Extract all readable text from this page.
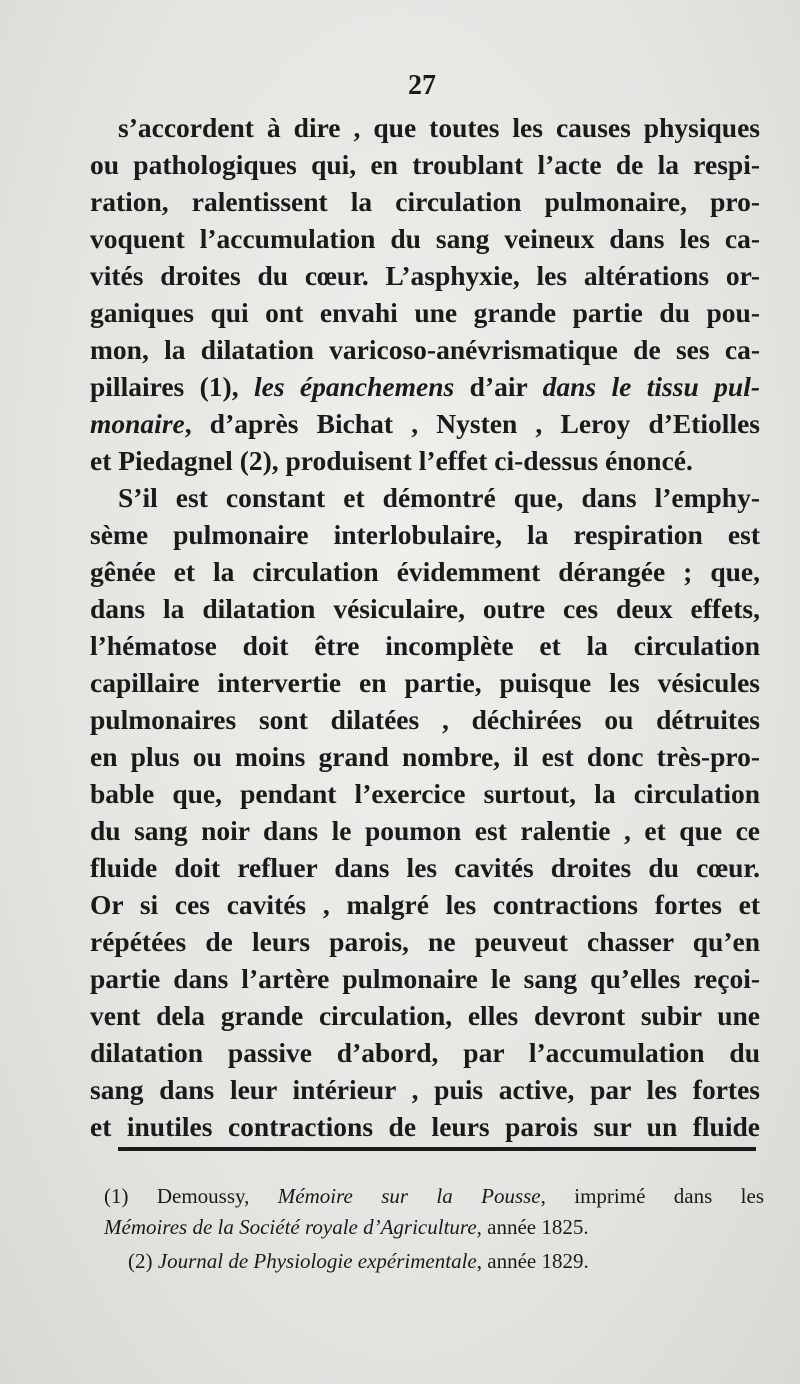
27
s’accordent à dire , que toutes les causes physiques
ou pathologiques qui, en troublant l’acte de la respi-
ration, ralentissent la circulation pulmonaire, pro-
voquent l’accumulation du sang veineux dans les ca-
vités droites du cœur. L’asphyxie, les altérations or-
ganiques qui ont envahi une grande partie du pou-
mon, la dilatation varicoso-anévrismatique de ses ca-
pillaires (1), les épanchemens d’air dans le tissu pul-
monaire, d’après Bichat , Nysten , Leroy d’Etiolles
et Piedagnel (2), produisent l’effet ci-dessus énoncé.
S’il est constant et démontré que, dans l’emphy-
sème pulmonaire interlobulaire, la respiration est
gênée et la circulation évidemment dérangée ; que,
dans la dilatation vésiculaire, outre ces deux effets,
l’hématose doit être incomplète et la circulation
capillaire intervertie en partie, puisque les vésicules
pulmonaires sont dilatées , déchirées ou détruites
en plus ou moins grand nombre, il est donc très-pro-
bable que, pendant l’exercice surtout, la circulation
du sang noir dans le poumon est ralentie , et que ce
fluide doit refluer dans les cavités droites du cœur.
Or si ces cavités , malgré les contractions fortes et
répétées de leurs parois, ne peuveut chasser qu’en
partie dans l’artère pulmonaire le sang qu’elles reçoi-
vent dela grande circulation, elles devront subir une
dilatation passive d’abord, par l’accumulation du
sang dans leur intérieur , puis active, par les fortes
et inutiles contractions de leurs parois sur un fluide
(1) Demoussy, Mémoire sur la Pousse, imprimé dans les
Mémoires de la Société royale d’Agriculture, année 1825.
(2) Journal de Physiologie expérimentale, année 1829.
